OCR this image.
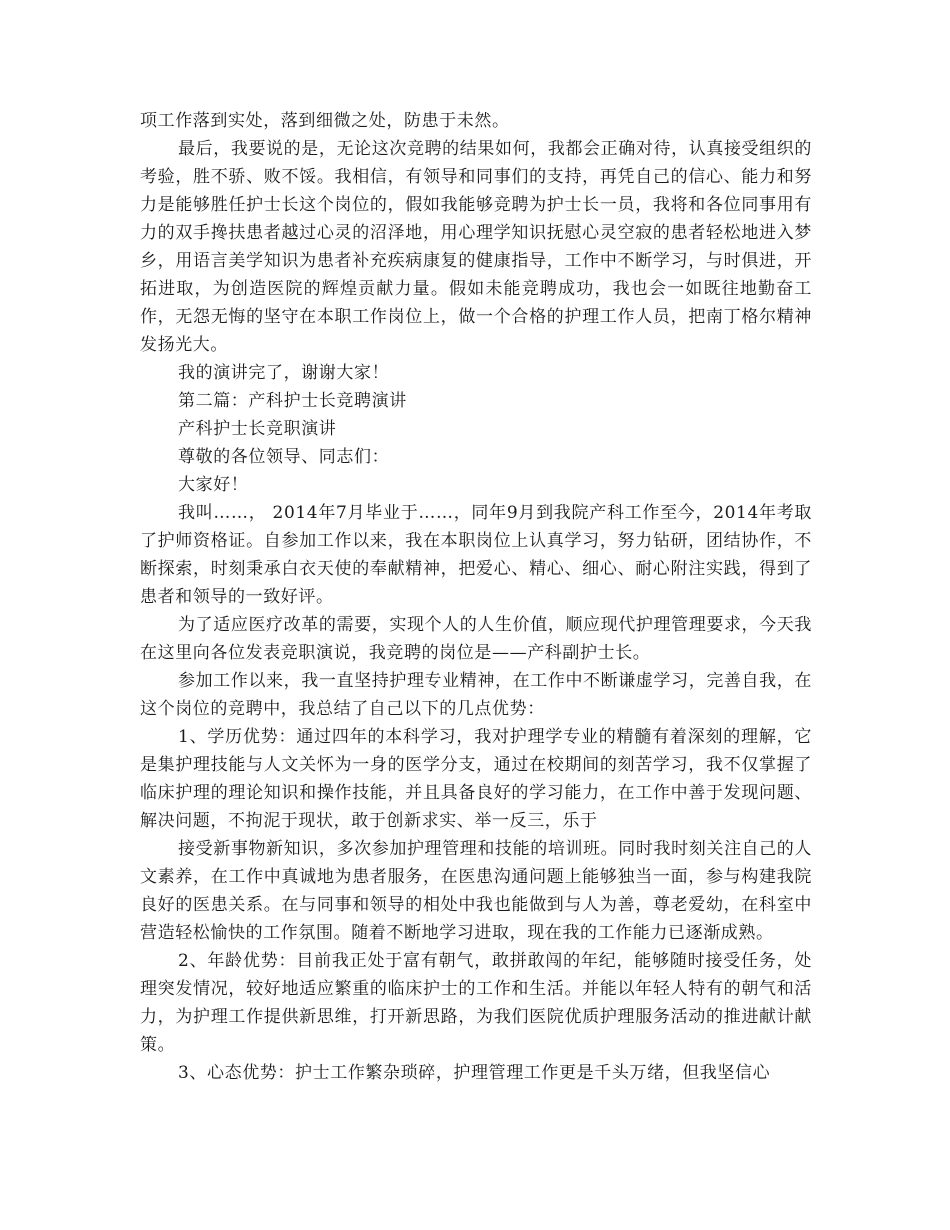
项工作落到实处，落到细微之处，防患于未然。

最后，我要说的是，无论这次竞聘的结果如何，我都会正确对待，认真接受组织的考验，胜不骄、败不馁。我相信，有领导和同事们的支持，再凭自己的信心、能力和努力是能够胜任护士长这个岗位的，假如我能够竞聘为护士长一员，我将和各位同事用有力的双手搀扶患者越过心灵的沼泽地，用心理学知识抚慰心灵空寂的患者轻松地进入梦乡，用语言美学知识为患者补充疾病康复的健康指导，工作中不断学习，与时俱进，开拓进取，为创造医院的辉煌贡献力量。假如未能竞聘成功，我也会一如既往地勤奋工作，无怨无悔的坚守在本职工作岗位上，做一个合格的护理工作人员，把南丁格尔精神发扬光大。

我的演讲完了，谢谢大家！

第二篇：产科护士长竞聘演讲

产科护士长竞职演讲

尊敬的各位领导、同志们：

大家好！

我叫……， 2014年7月毕业于……，同年9月到我院产科工作至今，2014年考取了护师资格证。自参加工作以来，我在本职岗位上认真学习，努力钻研，团结协作，不断探索，时刻秉承白衣天使的奉献精神，把爱心、精心、细心、耐心附注实践，得到了患者和领导的一致好评。

为了适应医疗改革的需要，实现个人的人生价值，顺应现代护理管理要求，今天我在这里向各位发表竞职演说，我竞聘的岗位是——产科副护士长。

参加工作以来，我一直坚持护理专业精神，在工作中不断谦虚学习，完善自我，在这个岗位的竞聘中，我总结了自己以下的几点优势：

1、学历优势：通过四年的本科学习，我对护理学专业的精髓有着深刻的理解，它是集护理技能与人文关怀为一身的医学分支，通过在校期间的刻苦学习，我不仅掌握了临床护理的理论知识和操作技能，并且具备良好的学习能力，在工作中善于发现问题、解决问题，不拘泥于现状，敢于创新求实、举一反三，乐于

接受新事物新知识，多次参加护理管理和技能的培训班。同时我时刻关注自己的人文素养，在工作中真诚地为患者服务，在医患沟通问题上能够独当一面，参与构建我院良好的医患关系。在与同事和领导的相处中我也能做到与人为善，尊老爱幼，在科室中营造轻松愉快的工作氛围。随着不断地学习进取，现在我的工作能力已逐渐成熟。

2、年龄优势：目前我正处于富有朝气，敢拼敢闯的年纪，能够随时接受任务，处理突发情况，较好地适应繁重的临床护士的工作和生活。并能以年轻人特有的朝气和活力，为护理工作提供新思维，打开新思路，为我们医院优质护理服务活动的推进献计献策。

3、心态优势：护士工作繁杂琐碎，护理管理工作更是千头万绪，但我坚信心
